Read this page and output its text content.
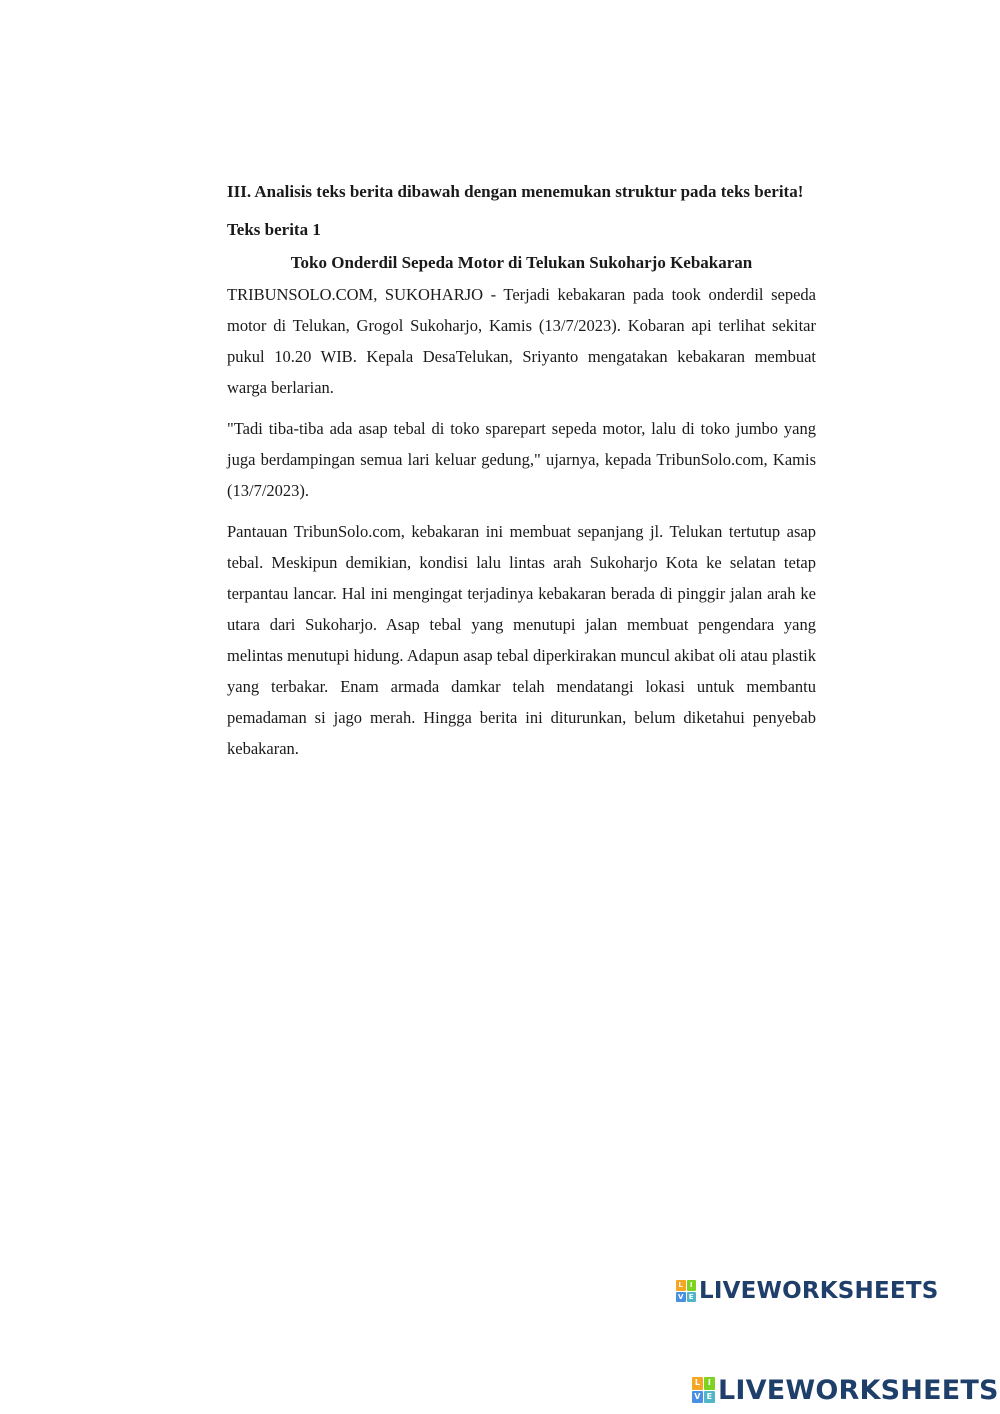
III. Analisis teks berita dibawah dengan menemukan struktur pada teks berita!

Teks berita 1

Toko Onderdil Sepeda Motor di Telukan Sukoharjo Kebakaran

TRIBUNSOLO.COM, SUKOHARJO - Terjadi kebakaran pada took onderdil sepeda motor di Telukan, Grogol Sukoharjo, Kamis (13/7/2023). Kobaran api terlihat sekitar pukul 10.20 WIB. Kepala DesaTelukan, Sriyanto mengatakan kebakaran membuat warga berlarian.

"Tadi tiba-tiba ada asap tebal di toko sparepart sepeda motor, lalu di toko jumbo yang juga berdampingan semua lari keluar gedung," ujarnya, kepada TribunSolo.com, Kamis (13/7/2023).

Pantauan TribunSolo.com, kebakaran ini membuat sepanjang jl. Telukan tertutup asap tebal. Meskipun demikian, kondisi lalu lintas arah Sukoharjo Kota ke selatan tetap terpantau lancar. Hal ini mengingat terjadinya kebakaran berada di pinggir jalan arah ke utara dari Sukoharjo. Asap tebal yang menutupi jalan membuat pengendara yang melintas menutupi hidung. Adapun asap tebal diperkirakan muncul akibat oli atau plastik yang terbakar. Enam armada damkar telah mendatangi lokasi untuk membantu pemadaman si jago merah. Hingga berita ini diturunkan, belum diketahui penyebab kebakaran.

L I
V E LIVEWORKSHEETS
L I
V E LIVEWORKSHEETS
